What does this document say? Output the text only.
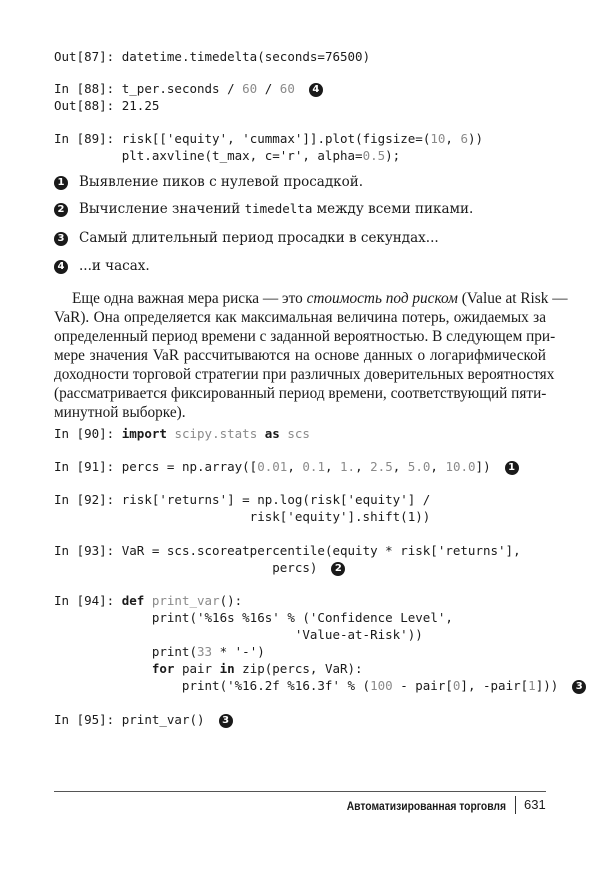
Out[87]: datetime.timedelta(seconds=76500)
In [88]: t_per.seconds / 60 / 60 4
Out[88]: 21.25
In [89]: risk[['equity', 'cummax']].plot(figsize=(10, 6))
plt.axvline(t_max, c='r', alpha=0.5);
1 Выявление пиков с нулевой просадкой.
2 Вычисление значений timedelta между всеми пиками.
3 Самый длительный период просадки в секундах...
4 ...и часах.
Еще одна важная мера риска — это стоимость под риском (Value at Risk —
VaR). Она определяется как максимальная величина потерь, ожидаемых за
определенный период времени с заданной вероятностью. В следующем при-
мере значения VaR рассчитываются на основе данных о логарифмической
доходности торговой стратегии при различных доверительных вероятностях
(рассматривается фиксированный период времени, соответствующий пяти-
минутной выборке).
In [90]: import scipy.stats as scs
In [91]: percs = np.array([0.01, 0.1, 1., 2.5, 5.0, 10.0]) 1
In [92]: risk['returns'] = np.log(risk['equity'] /
risk['equity'].shift(1))
In [93]: VaR = scs.scoreatpercentile(equity * risk['returns'],
percs) 2
In [94]: def print_var():
print('%16s %16s' % ('Confidence Level',
'Value-at-Risk'))
print(33 * '-')
for pair in zip(percs, VaR):
print('%16.2f %16.3f' % (100 - pair[0], -pair[1])) 3
In [95]: print_var() 3
Автоматизированная торговля 631
